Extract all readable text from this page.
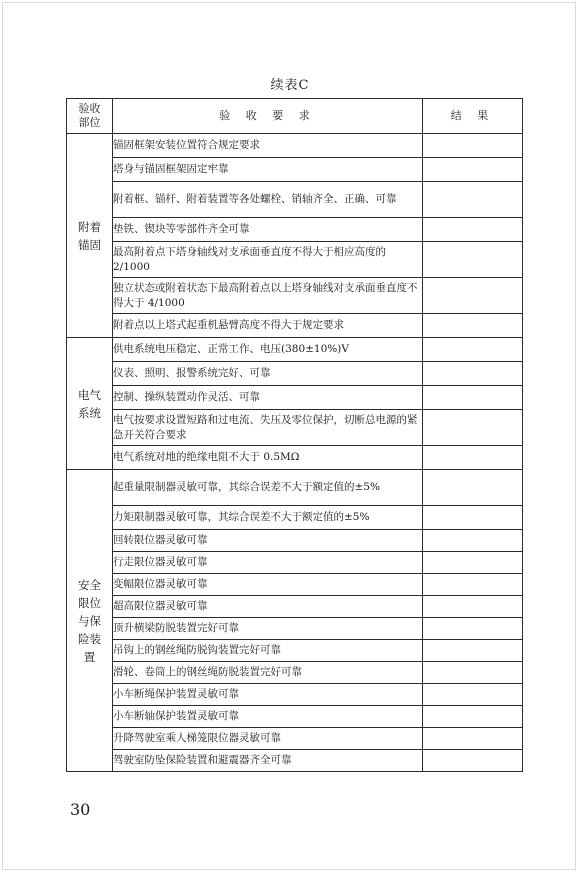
续表C
验收部位	验 收 要 求	结 果
附着锚固	锚固框架安装位置符合规定要求	
	塔身与锚固框架固定牢靠	
	附着框、锚杆、附着装置等各处螺栓、销轴齐全、正确、可靠	
	垫铁、锲块等零部件齐全可靠	
	最高附着点下塔身轴线对支承面垂直度不得大于相应高度的 2/1000	
	独立状态或附着状态下最高附着点以上塔身轴线对支承面垂直度不得大于 4/1000	
	附着点以上塔式起重机悬臂高度不得大于规定要求	
电气系统	供电系统电压稳定、正常工作、电压(380±10%)V	
	仪表、照明、报警系统完好、可靠	
	控制、操纵装置动作灵活、可靠	
	电气按要求设置短路和过电流、失压及零位保护，切断总电源的紧急开关符合要求	
	电气系统对地的绝缘电阻不大于 0.5MΩ	
安全限位与保险装置	起重量限制器灵敏可靠，其综合误差不大于额定值的±5%	
	力矩限制器灵敏可靠，其综合误差不大于额定值的±5%	
	回转限位器灵敏可靠	
	行走限位器灵敏可靠	
	变幅限位器灵敏可靠	
	超高限位器灵敏可靠	
	顶升横梁防脱装置完好可靠	
	吊钩上的钢丝绳防脱钩装置完好可靠	
	滑轮、卷筒上的钢丝绳防脱装置完好可靠	
	小车断绳保护装置灵敏可靠	
	小车断轴保护装置灵敏可靠	
	升降驾驶室乘人梯笼限位器灵敏可靠	
	驾驶室防坠保险装置和避震器齐全可靠	
30
